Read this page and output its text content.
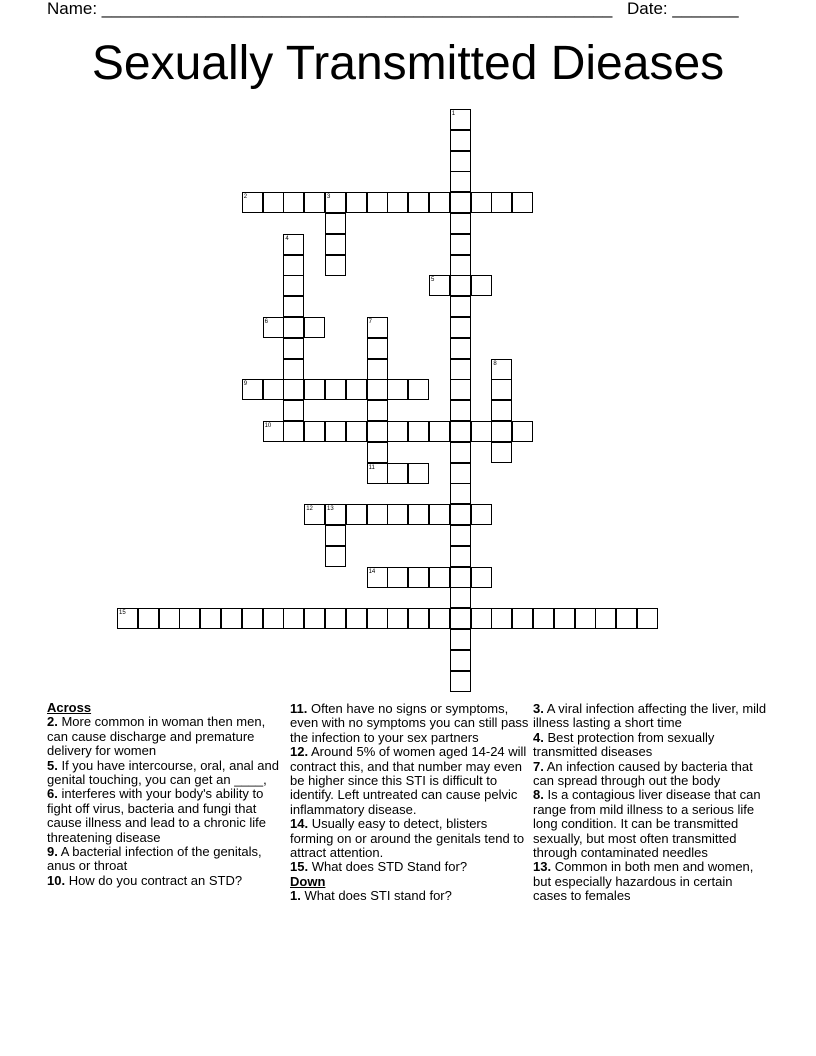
Name: ______________________________________________________ Date: _______
Sexually Transmitted Dieases
1
2	3
4
5
6	7
8
9
10
11
12 13
14
15
Across

2. More common in woman then men, can cause discharge and premature delivery for women

5. If you have intercourse, oral, anal and genital touching, you can get an ____,

6. interferes with your body's ability to fight off virus, bacteria and fungi that cause illness and lead to a chronic life threatening disease

9. A bacterial infection of the genitals, anus or throat

10. How do you contract an STD?

11. Often have no signs or symptoms, even with no symptoms you can still pass the infection to your sex partners

12. Around 5% of women aged 14-24 will contract this, and that number may even be higher since this STI is difficult to identify. Left untreated can cause pelvic inflammatory disease.

14. Usually easy to detect, blisters forming on or around the genitals tend to attract attention.

15. What does STD Stand for?

Down

1. What does STI stand for?

3. A viral infection affecting the liver, mild illness lasting a short time

4. Best protection from sexually transmitted diseases

7. An infection caused by bacteria that can spread through out the body

8. Is a contagious liver disease that can range from mild illness to a serious life long condition. It can be transmitted sexually, but most often transmitted through contaminated needles

13. Common in both men and women, but especially hazardous in certain cases to females
